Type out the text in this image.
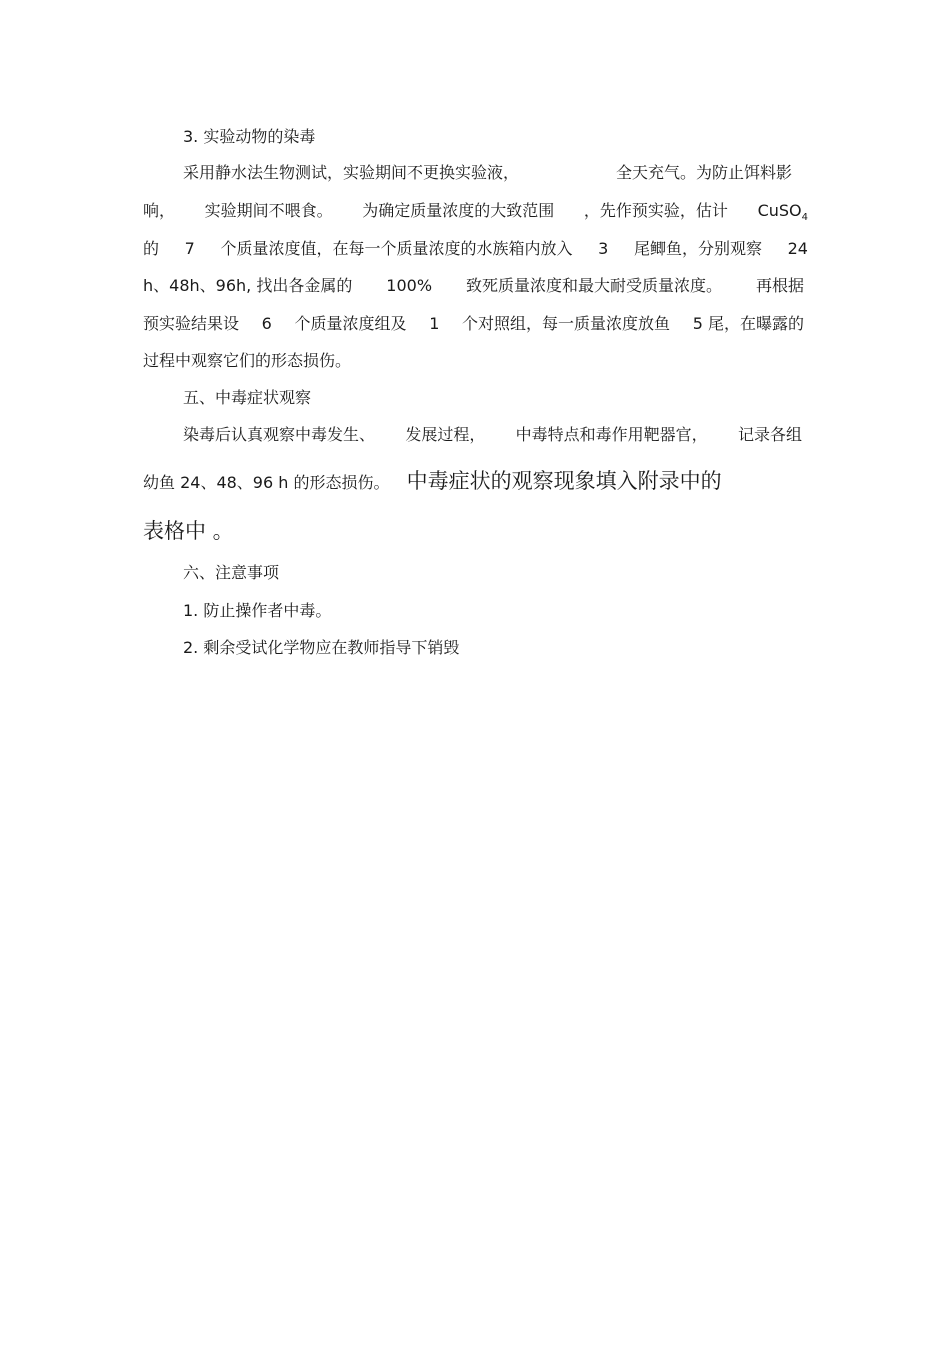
3. 实验动物的染毒
采用静水法生物测试，实验期间不更换实验液，	全天充气。为防止饵料影
响， 实验期间不喂食。 为确定质量浓度的大致范围 ，先作预实验，估计 CuSO$_4$
的 7 个质量浓度值，在每一个质量浓度的水族箱内放入 3 尾鲫鱼，分别观察 24
h、48h、96h, 找出各金属的 100% 致死质量浓度和最大耐受质量浓度。 再根据
预实验结果设 6 个质量浓度组及 1 个对照组，每一质量浓度放鱼 5 尾，在曝露的
过程中观察它们的形态损伤。
五、中毒症状观察
染毒后认真观察中毒发生、 发展过程， 中毒特点和毒作用靶器官， 记录各组
幼鱼 24、48、96 h 的形态损伤。 中毒症状的观察现象填入附录中的
表格中 。
六、注意事项
1. 防止操作者中毒。
2. 剩余受试化学物应在教师指导下销毁
